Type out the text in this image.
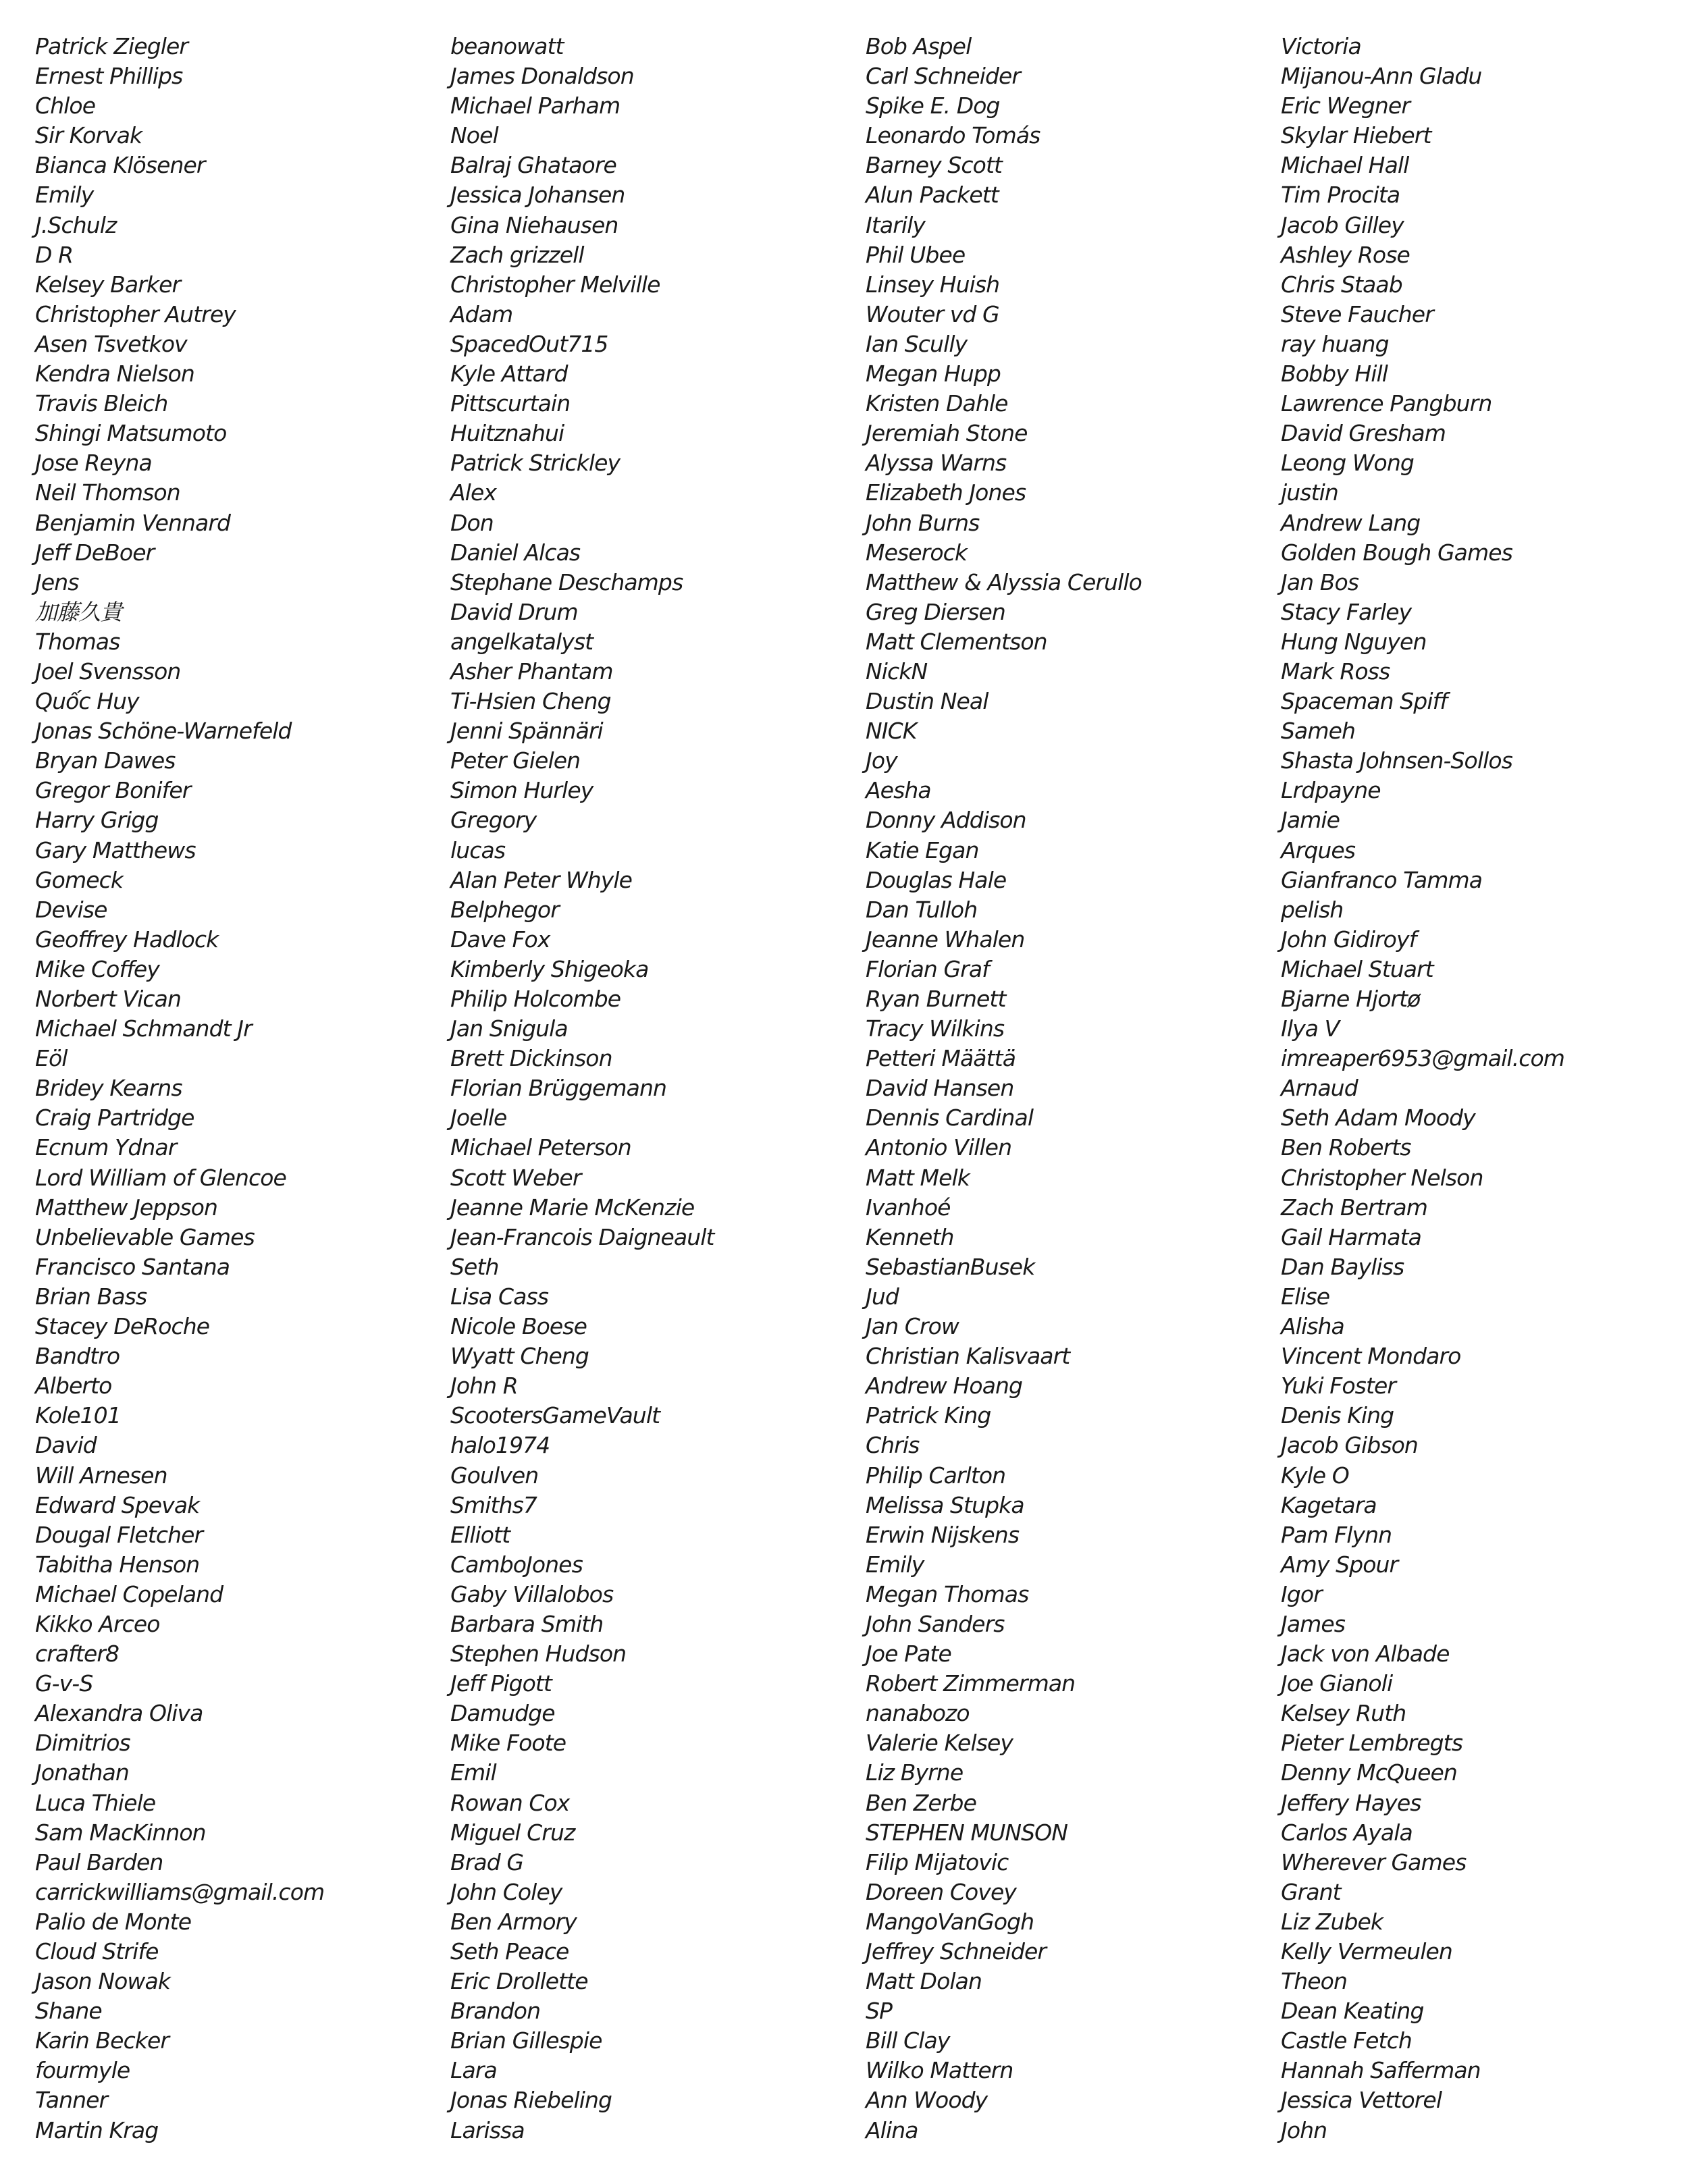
Patrick Ziegler
Ernest Phillips
Chloe
Sir Korvak
Bianca Klösener
Emily
J.Schulz
D R
Kelsey Barker
Christopher Autrey
Asen Tsvetkov
Kendra Nielson
Travis Bleich
Shingi Matsumoto
Jose Reyna
Neil Thomson
Benjamin Vennard
Jeff DeBoer
Jens
加藤久貴
Thomas
Joel Svensson
Quốc Huy
Jonas Schöne-Warnefeld
Bryan Dawes
Gregor Bonifer
Harry Grigg
Gary Matthews
Gomeck
Devise
Geoffrey Hadlock
Mike Coffey
Norbert Vican
Michael Schmandt Jr
Eöl
Bridey Kearns
Craig Partridge
Ecnum Ydnar
Lord William of Glencoe
Matthew Jeppson
Unbelievable Games
Francisco Santana
Brian Bass
Stacey DeRoche
Bandtro
Alberto
Kole101
David
Will Arnesen
Edward Spevak
Dougal Fletcher
Tabitha Henson
Michael Copeland
Kikko Arceo
crafter8
G-v-S
Alexandra Oliva
Dimitrios
Jonathan
Luca Thiele
Sam MacKinnon
Paul Barden
carrickwilliams@gmail.com
Palio de Monte
Cloud Strife
Jason Nowak
Shane
Karin Becker
fourmyle
Tanner
Martin Krag
beanowatt
James Donaldson
Michael Parham
Noel
Balraj Ghataore
Jessica Johansen
Gina Niehausen
Zach grizzell
Christopher Melville
Adam
SpacedOut715
Kyle Attard
Pittscurtain
Huitznahui
Patrick Strickley
Alex
Don
Daniel Alcas
Stephane Deschamps
David Drum
angelkatalyst
Asher Phantam
Ti-Hsien Cheng
Jenni Spännäri
Peter Gielen
Simon Hurley
Gregory
lucas
Alan Peter Whyle
Belphegor
Dave Fox
Kimberly Shigeoka
Philip Holcombe
Jan Snigula
Brett Dickinson
Florian Brüggemann
Joelle
Michael Peterson
Scott Weber
Jeanne Marie McKenzie
Jean-Francois Daigneault
Seth
Lisa Cass
Nicole Boese
Wyatt Cheng
John R
ScootersGameVault
halo1974
Goulven
Smiths7
Elliott
CamboJones
Gaby Villalobos
Barbara Smith
Stephen Hudson
Jeff Pigott
Damudge
Mike Foote
Emil
Rowan Cox
Miguel Cruz
Brad G
John Coley
Ben Armory
Seth Peace
Eric Drollette
Brandon
Brian Gillespie
Lara
Jonas Riebeling
Larissa
Bob Aspel
Carl Schneider
Spike E. Dog
Leonardo Tomás
Barney Scott
Alun Packett
Itarily
Phil Ubee
Linsey Huish
Wouter vd G
Ian Scully
Megan Hupp
Kristen Dahle
Jeremiah Stone
Alyssa Warns
Elizabeth Jones
John Burns
Meserock
Matthew & Alyssia Cerullo
Greg Diersen
Matt Clementson
NickN
Dustin Neal
NICK
Joy
Aesha
Donny Addison
Katie Egan
Douglas Hale
Dan Tulloh
Jeanne Whalen
Florian Graf
Ryan Burnett
Tracy Wilkins
Petteri Määttä
David Hansen
Dennis Cardinal
Antonio Villen
Matt Melk
Ivanhoé
Kenneth
SebastianBusek
Jud
Jan Crow
Christian Kalisvaart
Andrew Hoang
Patrick King
Chris
Philip Carlton
Melissa Stupka
Erwin Nijskens
Emily
Megan Thomas
John Sanders
Joe Pate
Robert Zimmerman
nanabozo
Valerie Kelsey
Liz Byrne
Ben Zerbe
STEPHEN MUNSON
Filip Mijatovic
Doreen Covey
MangoVanGogh
Jeffrey Schneider
Matt Dolan
SP
Bill Clay
Wilko Mattern
Ann Woody
Alina
Victoria
Mijanou-Ann Gladu
Eric Wegner
Skylar Hiebert
Michael Hall
Tim Procita
Jacob Gilley
Ashley Rose
Chris Staab
Steve Faucher
ray huang
Bobby Hill
Lawrence Pangburn
David Gresham
Leong Wong
justin
Andrew Lang
Golden Bough Games
Jan Bos
Stacy Farley
Hung Nguyen
Mark Ross
Spaceman Spiff
Sameh
Shasta Johnsen-Sollos
Lrdpayne
Jamie
Arques
Gianfranco Tamma
pelish
John Gidiroyf
Michael Stuart
Bjarne Hjortø
Ilya V
imreaper6953@gmail.com
Arnaud
Seth Adam Moody
Ben Roberts
Christopher Nelson
Zach Bertram
Gail Harmata
Dan Bayliss
Elise
Alisha
Vincent Mondaro
Yuki Foster
Denis King
Jacob Gibson
Kyle O
Kagetara
Pam Flynn
Amy Spour
Igor
James
Jack von Albade
Joe Gianoli
Kelsey Ruth
Pieter Lembregts
Denny McQueen
Jeffery Hayes
Carlos Ayala
Wherever Games
Grant
Liz Zubek
Kelly Vermeulen
Theon
Dean Keating
Castle Fetch
Hannah Safferman
Jessica Vettorel
John
